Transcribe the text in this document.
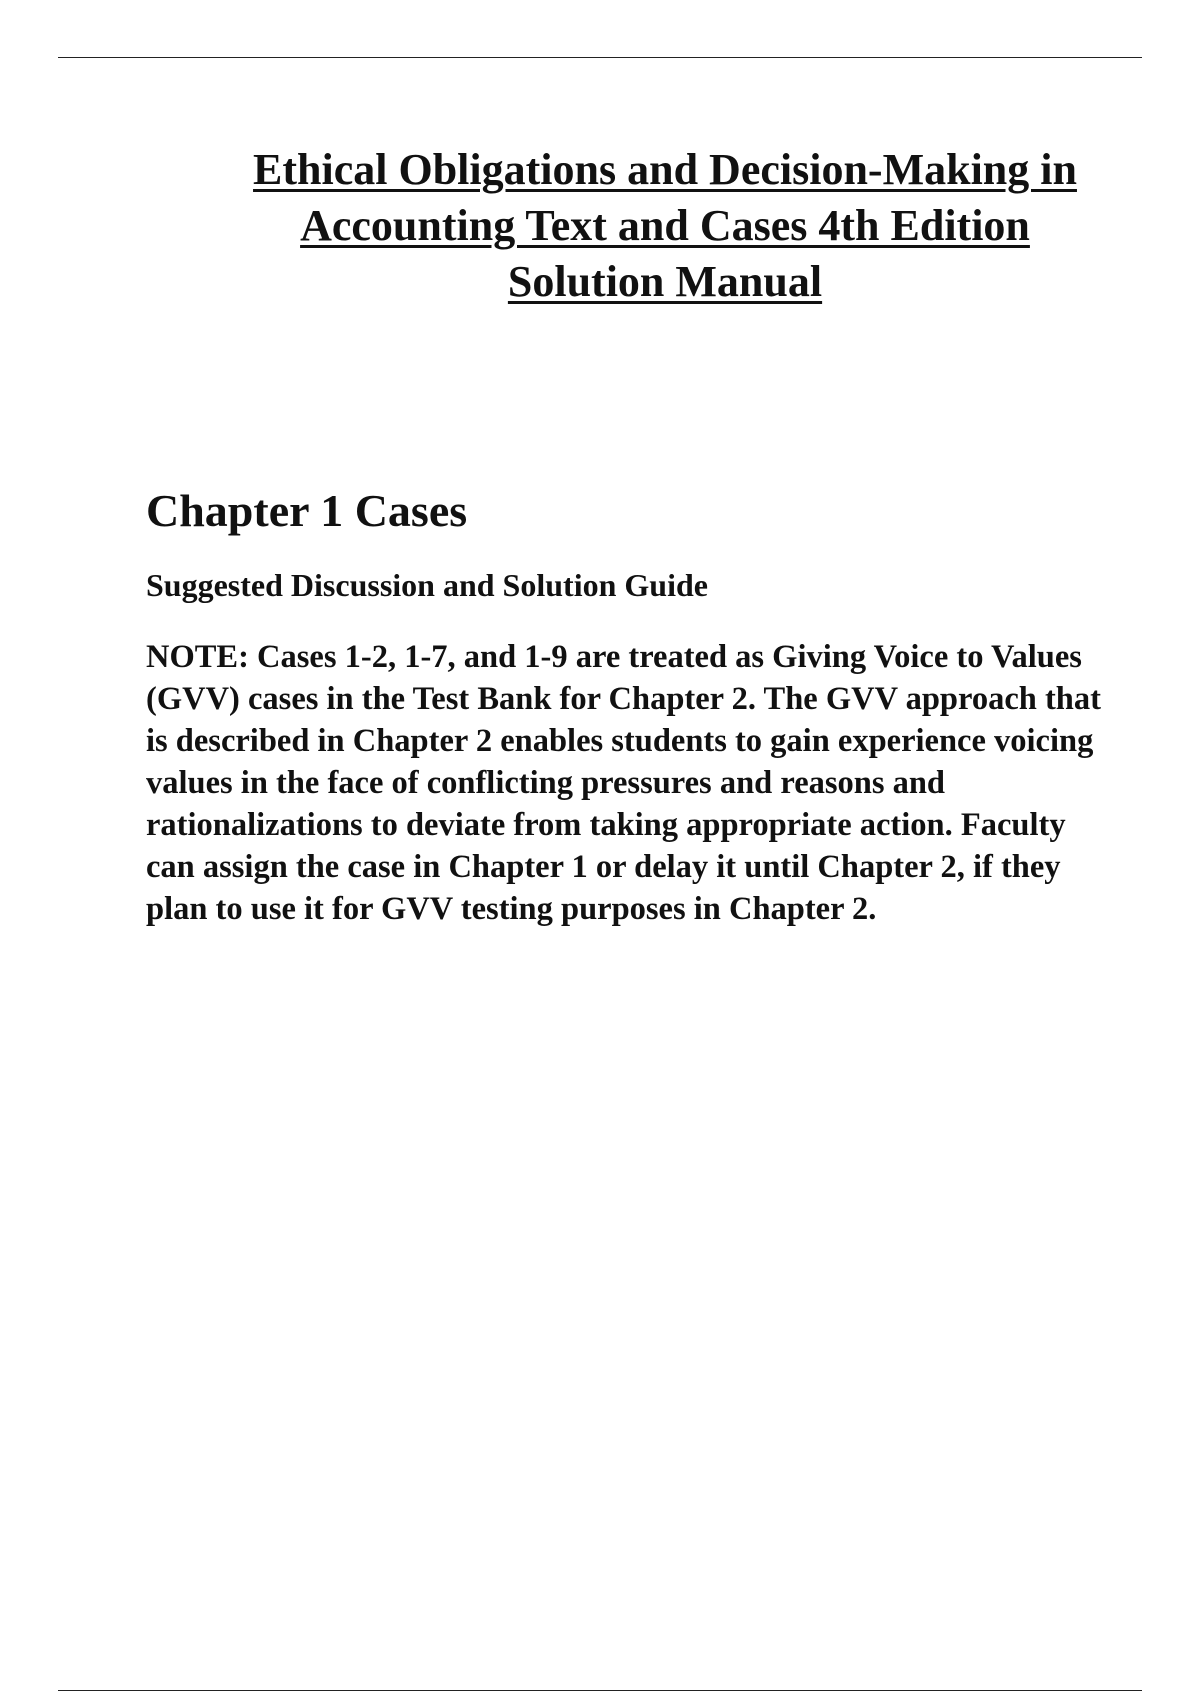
Ethical Obligations and Decision-Making in
Accounting Text and Cases 4th Edition
Solution Manual
Chapter 1 Cases
Suggested Discussion and Solution Guide

NOTE: Cases 1-2, 1-7, and 1-9 are treated as Giving Voice to Values (GVV) cases in the Test Bank for Chapter 2. The GVV approach that is described in Chapter 2 enables students to gain experience voicing values in the face of conflicting pressures and reasons and rationalizations to deviate from taking appropriate action. Faculty can assign the case in Chapter 1 or delay it until Chapter 2, if they plan to use it for GVV testing purposes in Chapter 2.
